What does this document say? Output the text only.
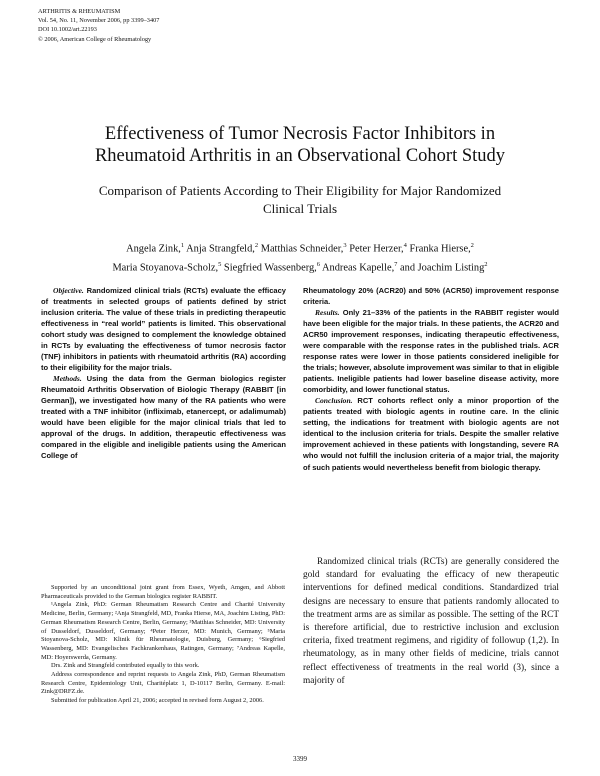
ARTHRITIS & RHEUMATISM
Vol. 54, No. 11, November 2006, pp 3399–3407
DOI 10.1002/art.22193
© 2006, American College of Rheumatology
Effectiveness of Tumor Necrosis Factor Inhibitors in Rheumatoid Arthritis in an Observational Cohort Study
Comparison of Patients According to Their Eligibility for Major Randomized Clinical Trials
Angela Zink,$^1$ Anja Strangfeld,$^2$ Matthias Schneider,$^3$ Peter Herzer,$^4$ Franka Hierse,$^2$
Maria Stoyanova-Scholz,$^5$ Siegfried Wassenberg,$^6$ Andreas Kapelle,$^7$ and Joachim Listing$^2$

Objective. Randomized clinical trials (RCTs) evaluate the efficacy of treatments in selected groups of patients defined by strict inclusion criteria. The value of these trials in predicting therapeutic effectiveness in “real world” patients is limited. This observational cohort study was designed to complement the knowledge obtained in RCTs by evaluating the effectiveness of tumor necrosis factor (TNF) inhibitors in patients with rheumatoid arthritis (RA) according to their eligibility for the major trials.

Methods. Using the data from the German biologics register Rheumatoid Arthritis Observation of Biologic Therapy (RABBIT [in German]), we investigated how many of the RA patients who were treated with a TNF inhibitor (infliximab, etanercept, or adalimumab) would have been eligible for the major clinical trials that led to approval of the drugs. In addition, therapeutic effectiveness was compared in the eligible and ineligible patients using the American College of

Rheumatology 20% (ACR20) and 50% (ACR50) improvement response criteria.

Results. Only 21–33% of the patients in the RABBIT register would have been eligible for the major trials. In these patients, the ACR20 and ACR50 improvement responses, indicating therapeutic effectiveness, were comparable with the response rates in the published trials. ACR response rates were lower in those patients considered ineligible for the trials; however, absolute improvement was similar to that in eligible patients. Ineligible patients had lower baseline disease activity, more comorbidity, and lower functional status.

Conclusion. RCT cohorts reflect only a minor proportion of the patients treated with biologic agents in routine care. In the clinic setting, the indications for treatment with biologic agents are not identical to the inclusion criteria for trials. Despite the smaller relative improvement achieved in these patients with longstanding, severe RA who would not fulfill the inclusion criteria of a major trial, the majority of such patients would nevertheless benefit from biologic therapy.

Supported by an unconditional joint grant from Essex, Wyeth, Amgen, and Abbott Pharmaceuticals provided to the German biologics register RABBIT.

¹Angela Zink, PhD: German Rheumatism Research Centre and Charité University Medicine, Berlin, Germany; ²Anja Strangfeld, MD, Franka Hierse, MA, Joachim Listing, PhD: German Rheumatism Research Centre, Berlin, Germany; ³Matthias Schneider, MD: University of Dusseldorf, Dusseldorf, Germany; ⁴Peter Herzer, MD: Munich, Germany; ⁵Maria Stoyanova-Scholz, MD: Klinik für Rheumatologie, Duisburg, Germany; ⁶Siegfried Wassenberg, MD: Evangelisches Fachkrankenhaus, Ratingen, Germany; ⁷Andreas Kapelle, MD: Hoyerswerda, Germany.

Drs. Zink and Strangfeld contributed equally to this work.

Address correspondence and reprint requests to Angela Zink, PhD, German Rheumatism Research Centre, Epidemiology Unit, Charitéplatz 1, D-10117 Berlin, Germany. E-mail: Zink@DRFZ.de.

Submitted for publication April 21, 2006; accepted in revised form August 2, 2006.

Randomized clinical trials (RCTs) are generally considered the gold standard for evaluating the efficacy of new therapeutic interventions for defined medical conditions. Standardized trial designs are necessary to ensure that patients randomly allocated to the treatment arms are as similar as possible. The setting of the RCT is therefore artificial, due to restrictive inclusion and exclusion criteria, fixed treatment regimens, and rigidity of followup (1,2). In rheumatology, as in many other fields of medicine, trials cannot reflect effectiveness of treatments in the real world (3), since a majority of

3399
